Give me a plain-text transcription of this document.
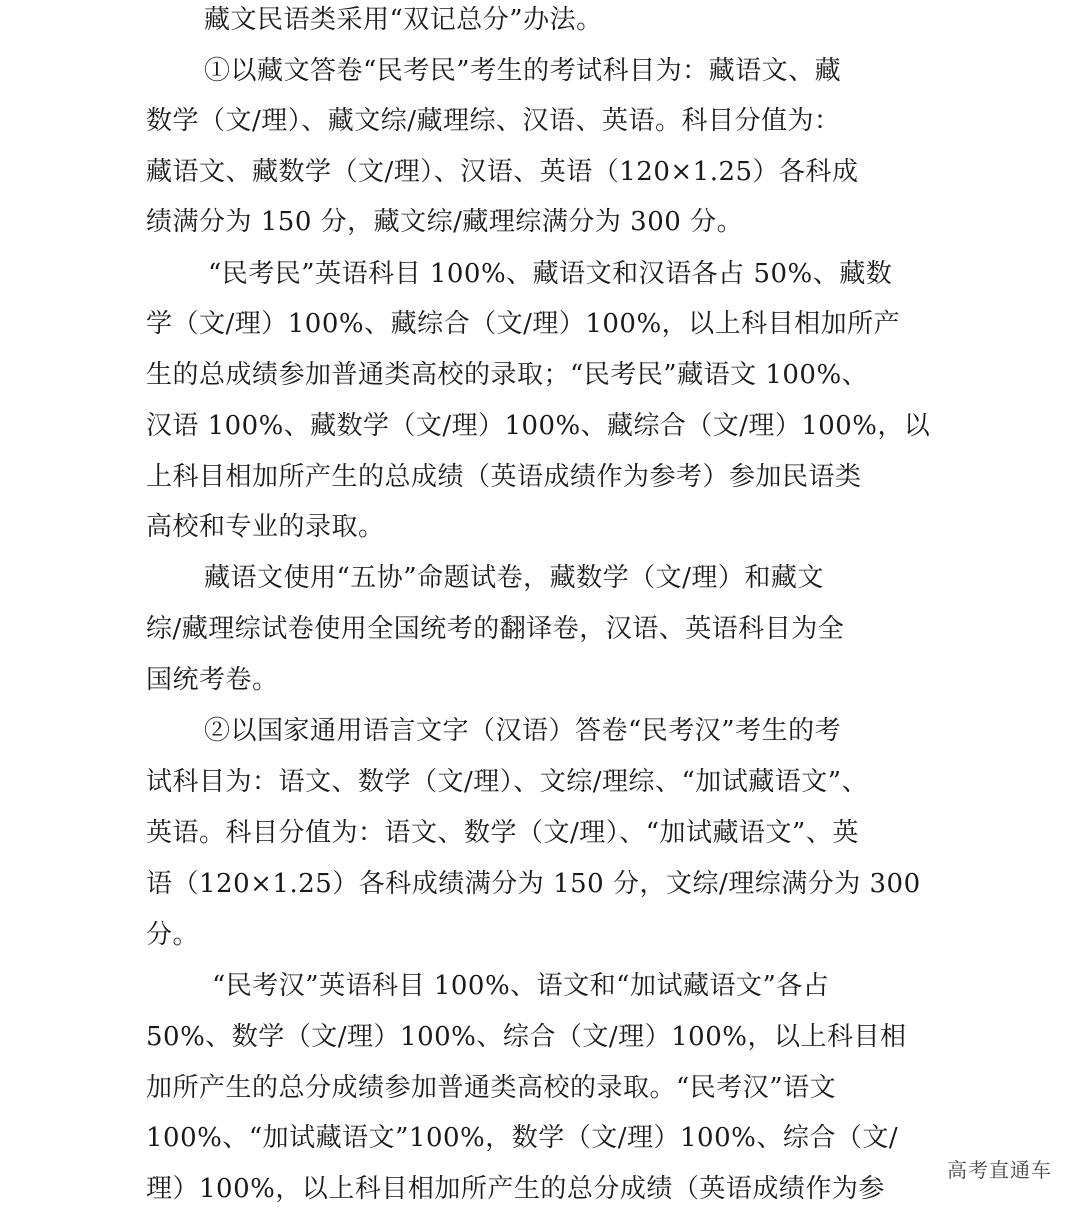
藏文民语类采用“双记总分”办法。
①以藏文答卷“民考民”考生的考试科目为：藏语文、藏
数学（文/理）、藏文综/藏理综、汉语、英语。科目分值为：
藏语文、藏数学（文/理）、汉语、英语（120×1.25）各科成
绩满分为 150 分，藏文综/藏理综满分为 300 分。
“民考民”英语科目 100%、藏语文和汉语各占 50%、藏数
学（文/理）100%、藏综合（文/理）100%，以上科目相加所产
生的总成绩参加普通类高校的录取；“民考民”藏语文 100%、
汉语 100%、藏数学（文/理）100%、藏综合（文/理）100%，以
上科目相加所产生的总成绩（英语成绩作为参考）参加民语类
高校和专业的录取。
藏语文使用“五协”命题试卷，藏数学（文/理）和藏文
综/藏理综试卷使用全国统考的翻译卷，汉语、英语科目为全
国统考卷。
②以国家通用语言文字（汉语）答卷“民考汉”考生的考
试科目为：语文、数学（文/理）、文综/理综、“加试藏语文”、
英语。科目分值为：语文、数学（文/理）、“加试藏语文”、英
语（120×1.25）各科成绩满分为 150 分，文综/理综满分为 300
分。
“民考汉”英语科目 100%、语文和“加试藏语文”各占
50%、数学（文/理）100%、综合（文/理）100%，以上科目相
加所产生的总分成绩参加普通类高校的录取。“民考汉”语文
100%、“加试藏语文”100%，数学（文/理）100%、综合（文/
理）100%，以上科目相加所产生的总分成绩（英语成绩作为参
高考直通车
